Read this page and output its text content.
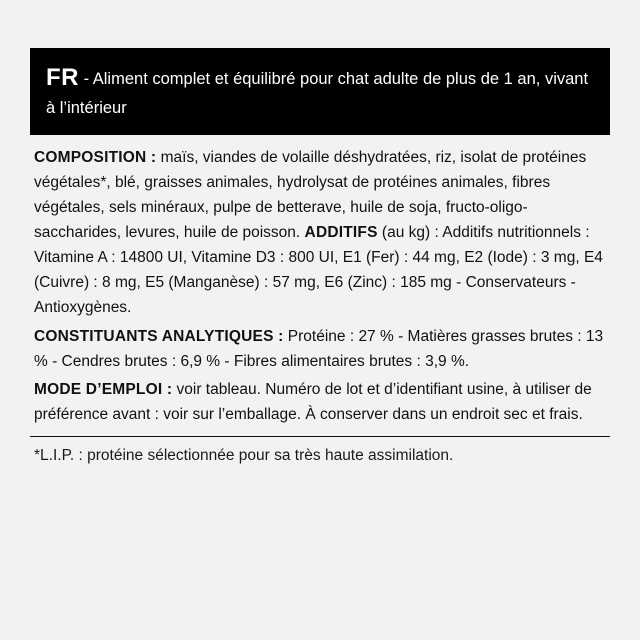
FR - Aliment complet et équilibré pour chat adulte de plus de 1 an, vivant à l’intérieur

COMPOSITION : maïs, viandes de volaille déshydratées, riz, isolat de protéines végétales*, blé, graisses animales, hydrolysat de protéines animales, fibres végétales, sels minéraux, pulpe de betterave, huile de soja, fructo-oligo-saccharides, levures, huile de poisson. ADDITIFS (au kg) : Additifs nutritionnels : Vitamine A : 14800 UI, Vitamine D3 : 800 UI, E1 (Fer) : 44 mg, E2 (Iode) : 3 mg, E4 (Cuivre) : 8 mg, E5 (Manganèse) : 57 mg, E6 (Zinc) : 185 mg - Conservateurs - Antioxygènes.

CONSTITUANTS ANALYTIQUES : Protéine : 27 % - Matières grasses brutes : 13 % - Cendres brutes : 6,9 % - Fibres alimentaires brutes : 3,9 %.

MODE D’EMPLOI : voir tableau. Numéro de lot et d’identifiant usine, à utiliser de préférence avant : voir sur l’emballage. À conserver dans un endroit sec et frais.

*L.I.P. : protéine sélectionnée pour sa très haute assimilation.
